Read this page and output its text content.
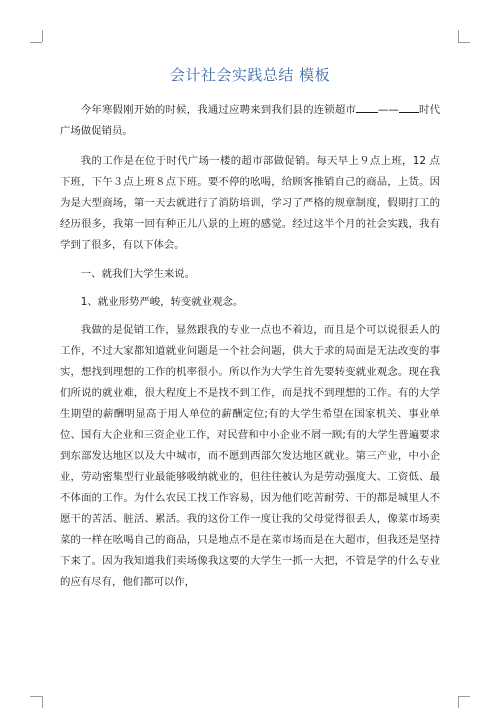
会计社会实践总结 模板

今年寒假刚开始的时候，我通过应聘来到我们县的连锁超市 —— 时代广场做促销员。

我的工作是在位于时代广场一楼的超市部做促销。每天早上９点上班，12 点下班，下午３点上班８点下班。要不停的吆喝，给顾客推销自己的商品，上货。因为是大型商场，第一天去就进行了消防培训，学习了严格的规章制度，假期打工的经历很多，我第一回有种正儿八景的上班的感觉。经过这半个月的社会实践，我有学到了很多，有以下体会。

一、就我们大学生来说。

1、就业形势严峻，转变就业观念。

我做的是促销工作，显然跟我的专业一点也不着边，而且是个可以说很丢人的工作，不过大家都知道就业问题是一个社会问题，供大于求的局面是无法改变的事实，想找到理想的工作的机率很小。所以作为大学生首先要转变就业观念。现在我们所说的就业难，很大程度上不是找不到工作，而是找不到理想的工作。有的大学生期望的薪酬明显高于用人单位的薪酬定位;有的大学生希望在国家机关、事业单位、国有大企业和三资企业工作，对民营和中小企业不屑一顾;有的大学生普遍要求到东部发达地区以及大中城市，而不愿到西部欠发达地区就业。第三产业，中小企业，劳动密集型行业最能够吸纳就业的，但往往被认为是劳动强度大、工资低、最不体面的工作。为什么农民工找工作容易，因为他们吃苦耐劳、干的都是城里人不愿干的苦活、脏活、累活。我的这份工作一度让我的父母觉得很丢人，像菜市场卖菜的一样在吆喝自己的商品，只是地点不是在菜市场而是在大超市，但我还是坚持下来了。因为我知道我们卖场像我这要的大学生一抓一大把，不管是学的什么专业的应有尽有，他们都可以作，
